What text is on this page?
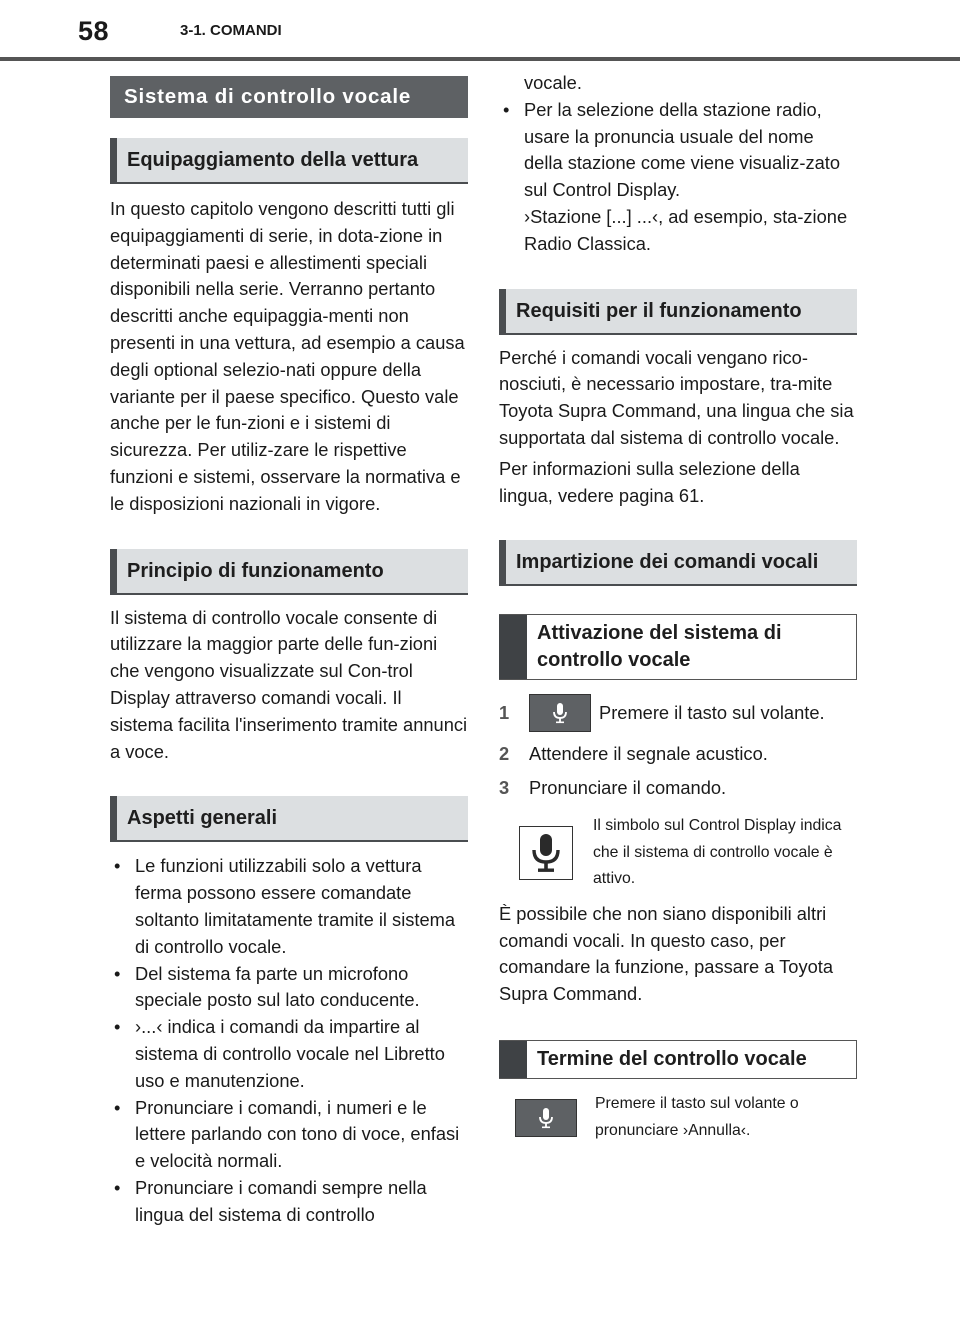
58	3-1. COMANDI
Sistema di controllo vocale
Equipaggiamento della vettura

In questo capitolo vengono descritti tutti gli equipaggiamenti di serie, in dota-zione in determinati paesi e allestimenti speciali disponibili nella serie. Verranno pertanto descritti anche equipaggia-menti non presenti in una vettura, ad esempio a causa degli optional selezio-nati oppure della variante per il paese specifico. Questo vale anche per le fun-zioni e i sistemi di sicurezza. Per utiliz-zare le rispettive funzioni e sistemi, osservare la normativa e le disposizioni nazionali in vigore.

Principio di funzionamento

Il sistema di controllo vocale consente di utilizzare la maggior parte delle fun-zioni che vengono visualizzate sul Con-trol Display attraverso comandi vocali. Il sistema facilita l'inserimento tramite annunci a voce.

Aspetti generali
• Le funzioni utilizzabili solo a vettura ferma possono essere comandate soltanto limitatamente tramite il sistema di controllo vocale.
• Del sistema fa parte un microfono speciale posto sul lato conducente.
• ›...‹ indica i comandi da impartire al sistema di controllo vocale nel Libretto uso e manutenzione.
• Pronunciare i comandi, i numeri e le lettere parlando con tono di voce, enfasi e velocità normali.
• Pronunciare i comandi sempre nella lingua del sistema di controllo
vocale.
• Per la selezione della stazione radio, usare la pronuncia usuale del nome della stazione come viene visualiz-zato sul Control Display.
›Stazione [...] ...‹, ad esempio, sta-zione Radio Classica.
Requisiti per il funzionamento

Perché i comandi vocali vengano rico-nosciuti, è necessario impostare, tra-mite Toyota Supra Command, una lingua che sia supportata dal sistema di controllo vocale.

Per informazioni sulla selezione della lingua, vedere pagina 61.

Impartizione dei comandi vocali
Attivazione del sistema di controllo vocale
1	Premere il tasto sul volante.
2	Attendere il segnale acustico.
3	Pronunciare il comando.
Il simbolo sul Control Display indica che il sistema di controllo vocale è attivo.

È possibile che non siano disponibili altri comandi vocali. In questo caso, per comandare la funzione, passare a Toyota Supra Command.

Termine del controllo vocale
Premere il tasto sul volante o pronunciare ›Annulla‹.
